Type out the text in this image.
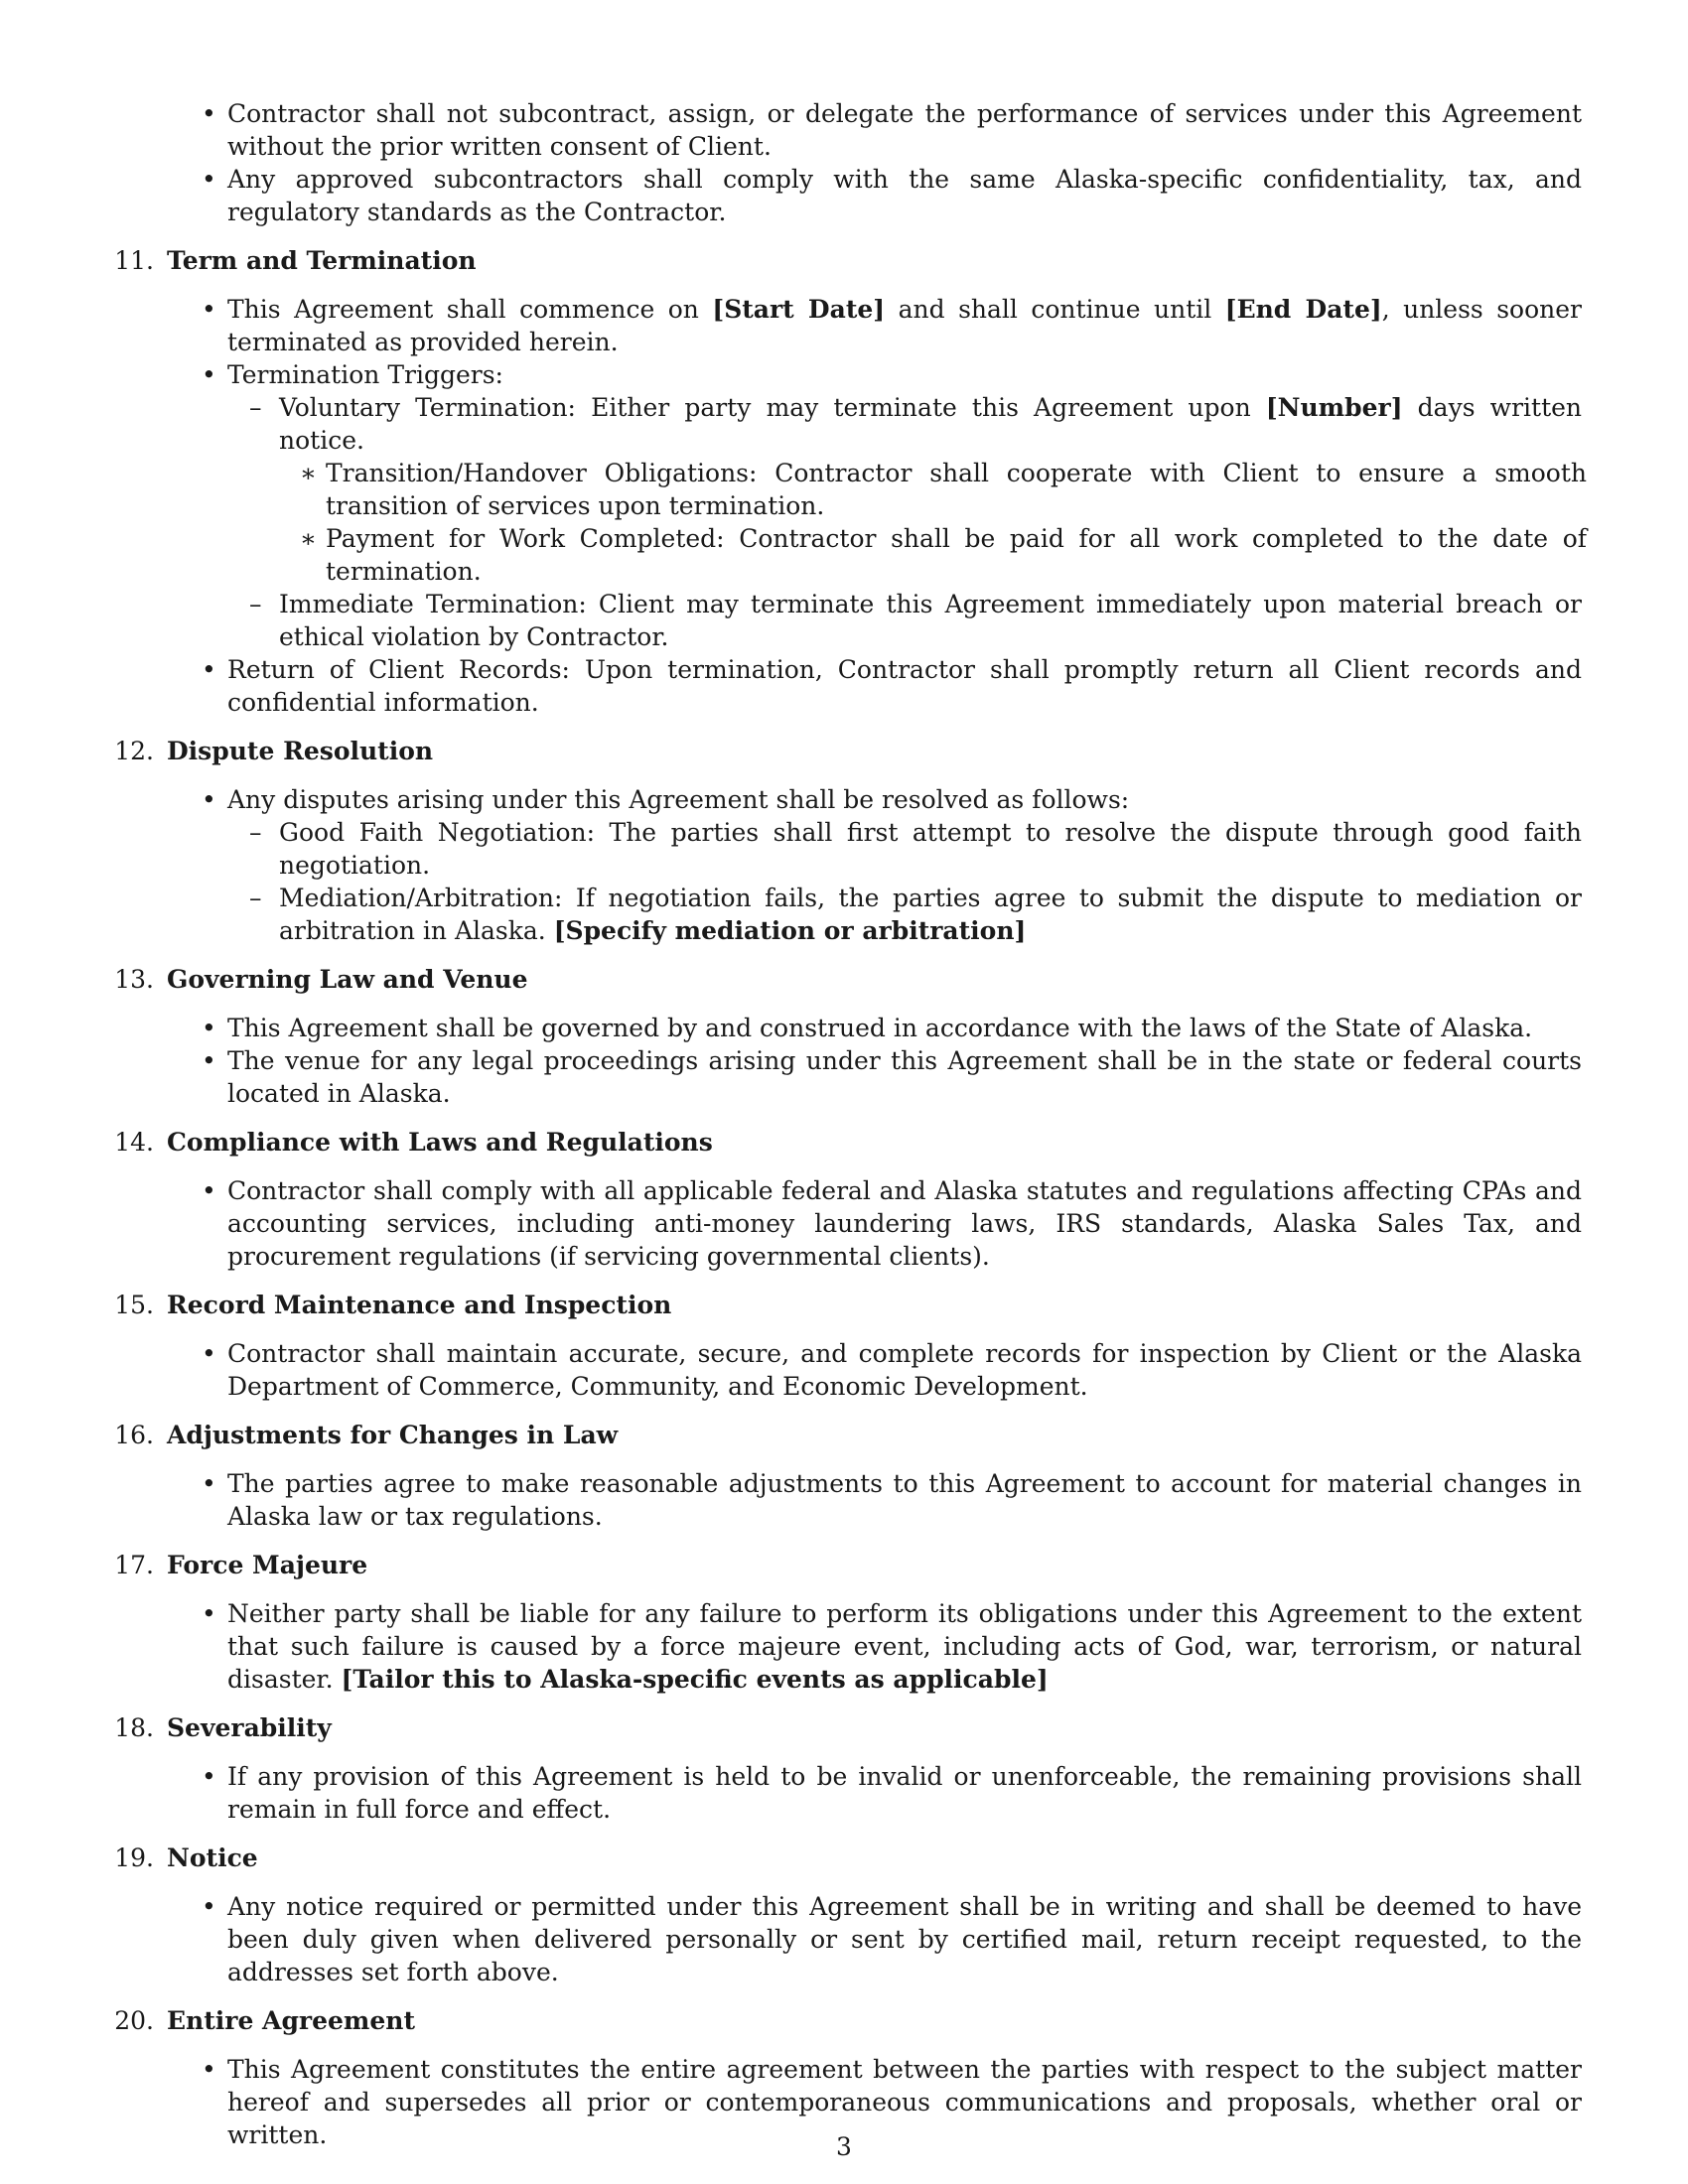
• Contractor shall not subcontract, assign, or delegate the performance of services under this Agreement without the prior written consent of Client.
• Any approved subcontractors shall comply with the same Alaska-specific confidentiality, tax, and regulatory standards as the Contractor.
11. Term and Termination
• This Agreement shall commence on [Start Date] and shall continue until [End Date], unless sooner terminated as provided herein.
• Termination Triggers:
– Voluntary Termination: Either party may terminate this Agreement upon [Number] days written notice.
∗ Transition/Handover Obligations: Contractor shall cooperate with Client to ensure a smooth transition of services upon termination.
∗ Payment for Work Completed: Contractor shall be paid for all work completed to the date of termination.
– Immediate Termination: Client may terminate this Agreement immediately upon material breach or ethical violation by Contractor.
• Return of Client Records: Upon termination, Contractor shall promptly return all Client records and confidential information.
12. Dispute Resolution
• Any disputes arising under this Agreement shall be resolved as follows:
– Good Faith Negotiation: The parties shall first attempt to resolve the dispute through good faith negotiation.
– Mediation/Arbitration: If negotiation fails, the parties agree to submit the dispute to mediation or arbitration in Alaska. [Specify mediation or arbitration]
13. Governing Law and Venue
• This Agreement shall be governed by and construed in accordance with the laws of the State of Alaska.
• The venue for any legal proceedings arising under this Agreement shall be in the state or federal courts located in Alaska.
14. Compliance with Laws and Regulations
• Contractor shall comply with all applicable federal and Alaska statutes and regulations affecting CPAs and accounting services, including anti-money laundering laws, IRS standards, Alaska Sales Tax, and procurement regulations (if servicing governmental clients).
15. Record Maintenance and Inspection
• Contractor shall maintain accurate, secure, and complete records for inspection by Client or the Alaska Department of Commerce, Community, and Economic Development.
16. Adjustments for Changes in Law
• The parties agree to make reasonable adjustments to this Agreement to account for material changes in Alaska law or tax regulations.
17. Force Majeure
• Neither party shall be liable for any failure to perform its obligations under this Agreement to the extent that such failure is caused by a force majeure event, including acts of God, war, terrorism, or natural disaster. [Tailor this to Alaska-specific events as applicable]
18. Severability
• If any provision of this Agreement is held to be invalid or unenforceable, the remaining provisions shall remain in full force and effect.
19. Notice
• Any notice required or permitted under this Agreement shall be in writing and shall be deemed to have been duly given when delivered personally or sent by certified mail, return receipt requested, to the addresses set forth above.
20. Entire Agreement
• This Agreement constitutes the entire agreement between the parties with respect to the subject matter hereof and supersedes all prior or contemporaneous communications and proposals, whether oral or written.	3
